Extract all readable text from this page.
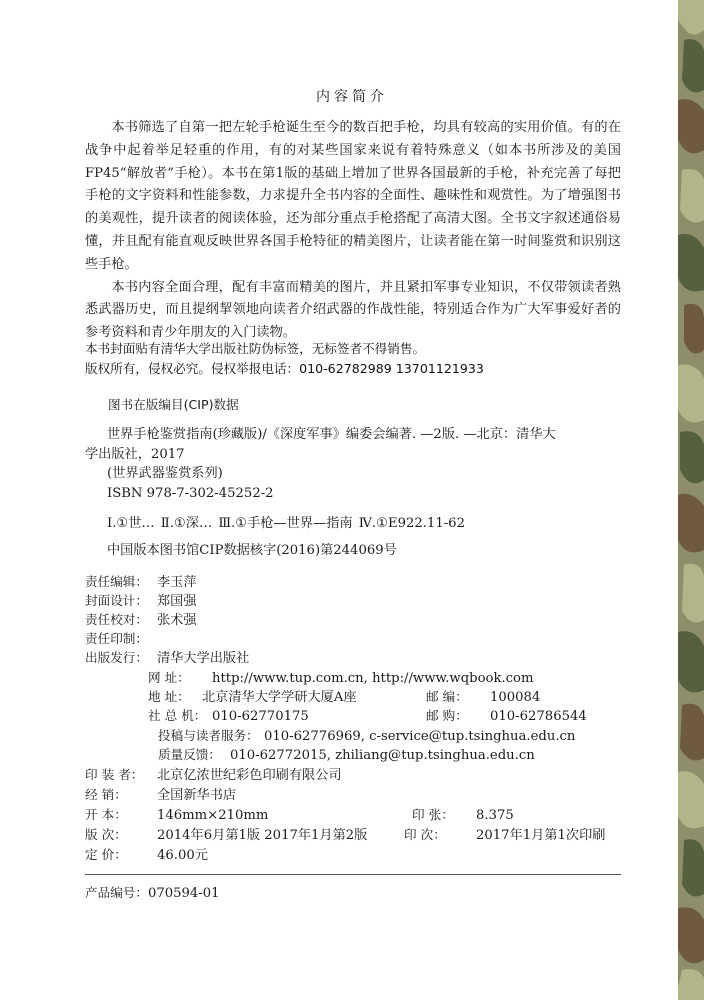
内容简介

本书筛选了自第一把左轮手枪诞生至今的数百把手枪，均具有较高的实用价值。有的在战争中起着举足轻重的作用，有的对某些国家来说有着特殊意义（如本书所涉及的美国FP45“解放者”手枪）。本书在第1版的基础上增加了世界各国最新的手枪，补充完善了每把手枪的文字资料和性能参数，力求提升全书内容的全面性、趣味性和观赏性。为了增强图书的美观性，提升读者的阅读体验，还为部分重点手枪搭配了高清大图。全书文字叙述通俗易懂，并且配有能直观反映世界各国手枪特征的精美图片，让读者能在第一时间鉴赏和识别这些手枪。

本书内容全面合理，配有丰富而精美的图片，并且紧扣军事专业知识，不仅带领读者熟悉武器历史，而且提纲挈领地向读者介绍武器的作战性能，特别适合作为广大军事爱好者的参考资料和青少年朋友的入门读物。

本书封面贴有清华大学出版社防伪标签，无标签者不得销售。
版权所有，侵权必究。侵权举报电话：010-62782989 13701121933
图书在版编目(CIP)数据
世界手枪鉴赏指南(珍藏版)/《深度军事》编委会编著. —2版. —北京：清华大
学出版社，2017
(世界武器鉴赏系列)
ISBN 978-7-302-45252-2
Ⅰ.①世… Ⅱ.①深… Ⅲ.①手枪—世界—指南 Ⅳ.①E922.11-62
中国版本图书馆CIP数据核字(2016)第244069号
责任编辑： 李玉萍
封面设计： 郑国强
责任校对： 张术强
责任印制：
出版发行： 清华大学出版社
网 址： http://www.tup.com.cn, http://www.wqbook.com
地 址： 北京清华大学学研大厦A座	邮 编： 100084
社 总 机： 010-62770175	邮 购： 010-62786544
投稿与读者服务： 010-62776969, c-service@tup.tsinghua.edu.cn
质量反馈： 010-62772015, zhiliang@tup.tsinghua.edu.cn
印 装 者： 北京亿浓世纪彩色印刷有限公司
经 销： 全国新华书店
开 本： 146mm×210mm	印 张： 8.375
版 次： 2014年6月第1版 2017年1月第2版	印 次： 2017年1月第1次印刷
定 价： 46.00元
产品编号：070594-01
